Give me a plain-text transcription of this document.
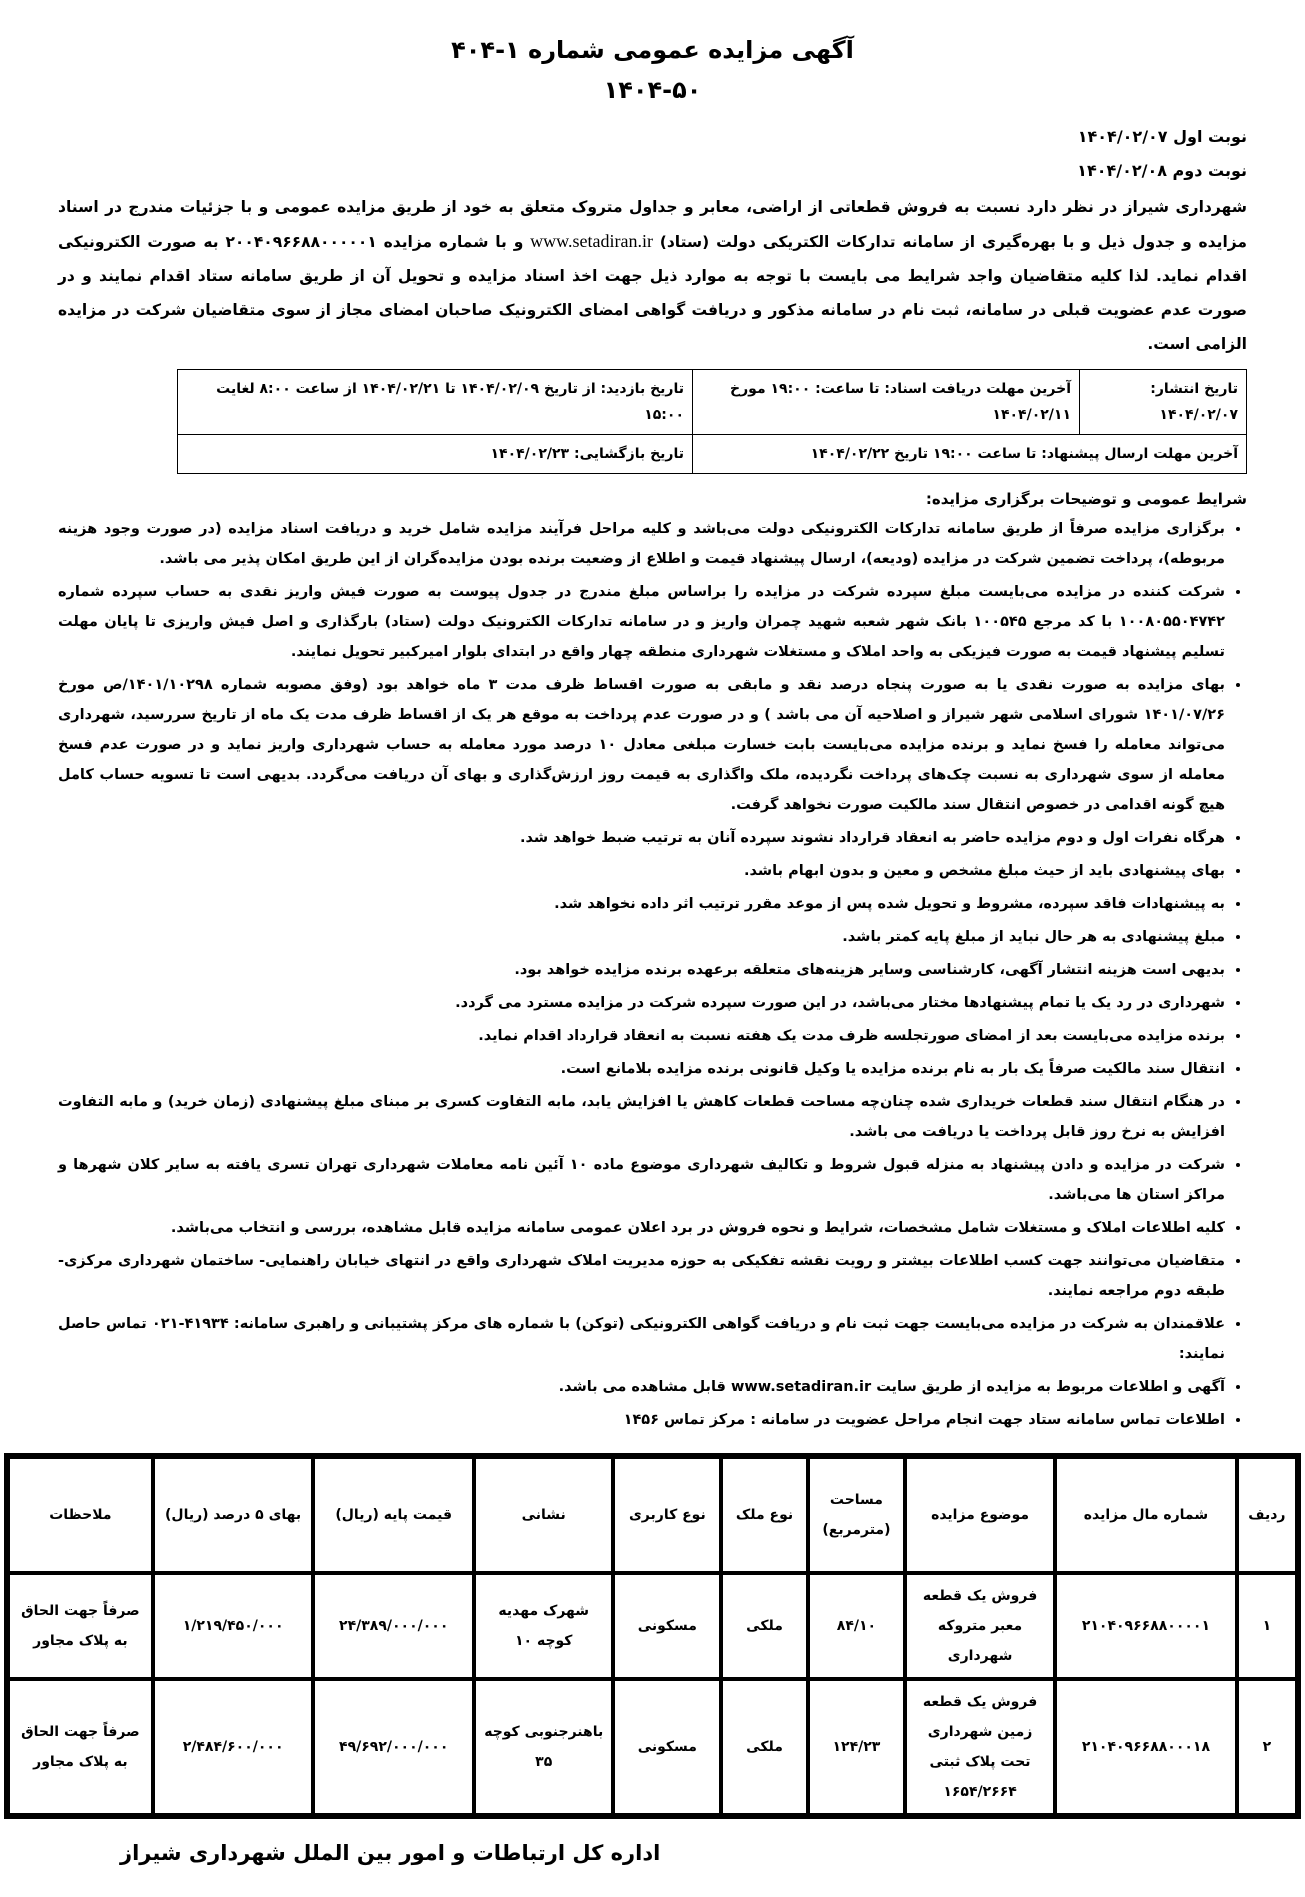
آگهی مزایده عمومی شماره ۱-۴۰۴
۱۴۰۴-۵۰
نوبت اول ۱۴۰۴/۰۲/۰۷
نوبت دوم ۱۴۰۴/۰۲/۰۸
شهرداری شیراز در نظر دارد نسبت به فروش قطعاتی از اراضی، معابر و جداول متروک متعلق به خود از طریق مزایده عمومی و با جزئیات مندرج در اسناد مزایده و جدول ذیل و با بهره‌گیری از سامانه تدارکات الکتریکی دولت (ستاد) www.setadiran.ir و با شماره مزایده ۲۰۰۴۰۹۶۶۸۸۰۰۰۰۰۱ به صورت الکترونیکی اقدام نماید. لذا کلیه متقاضیان واجد شرایط می بایست با توجه به موارد ذیل جهت اخذ اسناد مزایده و تحویل آن از طریق سامانه ستاد اقدام نمایند و در صورت عدم عضویت قبلی در سامانه، ثبت نام در سامانه مذکور و دریافت گواهی امضای الکترونیک صاحبان امضای مجاز از سوی متقاضیان شرکت در مزایده الزامی است.
تاریخ انتشار: ۱۴۰۴/۰۲/۰۷	آخرین مهلت دریافت اسناد: تا ساعت: ۱۹:۰۰ مورخ ۱۴۰۴/۰۲/۱۱	تاریخ بازدید: از تاریخ ۱۴۰۴/۰۲/۰۹ تا ۱۴۰۴/۰۲/۲۱ از ساعت ۸:۰۰ لغایت ۱۵:۰۰
آخرین مهلت ارسال پیشنهاد: تا ساعت ۱۹:۰۰ تاریخ ۱۴۰۴/۰۲/۲۲		تاریخ بازگشایی: ۱۴۰۴/۰۲/۲۳
شرایط عمومی و توضیحات برگزاری مزایده:
• برگزاری مزایده صرفاً از طریق سامانه تدارکات الکترونیکی دولت می‌باشد و کلیه مراحل فرآیند مزایده شامل خرید و دریافت اسناد مزایده (در صورت وجود هزینه مربوطه)، پرداخت تضمین شرکت در مزایده (ودیعه)، ارسال پیشنهاد قیمت و اطلاع از وضعیت برنده بودن مزایده‌گران از این طریق امکان پذیر می باشد.
• شرکت کننده در مزایده می‌بایست مبلغ سپرده شرکت در مزایده را براساس مبلغ مندرج در جدول پیوست به صورت فیش واریز نقدی به حساب سپرده شماره ۱۰۰۸۰۵۵۰۴۷۴۲ با کد مرجع ۱۰۰۵۴۵ بانک شهر شعبه شهید چمران واریز و در سامانه تدارکات الکترونیک دولت (ستاد) بارگذاری و اصل فیش واریزی تا پایان مهلت تسلیم پیشنهاد قیمت به صورت فیزیکی به واحد املاک و مستغلات شهرداری منطقه چهار واقع در ابتدای بلوار امیرکبیر تحویل نمایند.
• بهای مزایده به صورت نقدی یا به صورت پنجاه درصد نقد و مابقی به صورت اقساط ظرف مدت ۳ ماه خواهد بود (وفق مصوبه شماره ۱۴۰۱/۱۰۲۹۸/ص مورخ ۱۴۰۱/۰۷/۲۶ شورای اسلامی شهر شیراز و اصلاحیه آن می باشد ) و در صورت عدم پرداخت به موقع هر یک از اقساط ظرف مدت یک ماه از تاریخ سررسید، شهرداری می‌تواند معامله را فسخ نماید و برنده مزایده می‌بایست بابت خسارت مبلغی معادل ۱۰ درصد مورد معامله به حساب شهرداری واریز نماید و در صورت عدم فسخ معامله از سوی شهرداری به نسبت چک‌های پرداخت نگردیده، ملک واگذاری به قیمت روز ارزش‌گذاری و بهای آن دریافت می‌گردد. بدیهی است تا تسویه حساب کامل هیچ گونه اقدامی در خصوص انتقال سند مالکیت صورت نخواهد گرفت.
• هرگاه نفرات اول و دوم مزایده حاضر به انعقاد قرارداد نشوند سپرده آنان به ترتیب ضبط خواهد شد.
• بهای پیشنهادی باید از حیث مبلغ مشخص و معین و بدون ابهام باشد.
• به پیشنهادات فاقد سپرده، مشروط و تحویل شده پس از موعد مقرر ترتیب اثر داده نخواهد شد.
• مبلغ پیشنهادی به هر حال نباید از مبلغ پایه کمتر باشد.
• بدیهی است هزینه انتشار آگهی، کارشناسی وسایر هزینه‌های متعلقه برعهده برنده مزایده خواهد بود.
• شهرداری در رد یک یا تمام پیشنهادها مختار می‌باشد، در این صورت سپرده شرکت در مزایده مسترد می گردد.
• برنده مزایده می‌بایست بعد از امضای صورتجلسه ظرف مدت یک هفته نسبت به انعقاد قرارداد اقدام نماید.
• انتقال سند مالکیت صرفاً یک بار به نام برنده مزایده یا وکیل قانونی برنده مزایده بلامانع است.
• در هنگام انتقال سند قطعات خریداری شده چنان‌چه مساحت قطعات کاهش یا افزایش یابد، مابه التفاوت کسری بر مبنای مبلغ پیشنهادی (زمان خرید) و مابه التفاوت افزایش به نرخ روز قابل پرداخت یا دریافت می باشد.
• شرکت در مزایده و دادن پیشنهاد به منزله قبول شروط و تکالیف شهرداری موضوع ماده ۱۰ آئین نامه معاملات شهرداری تهران تسری یافته به سایر کلان شهرها و مراکز استان ها می‌باشد.
• کلیه اطلاعات املاک و مستغلات شامل مشخصات، شرایط و نحوه فروش در برد اعلان عمومی سامانه مزایده قابل مشاهده، بررسی و انتخاب می‌باشد.
• متقاضیان می‌توانند جهت کسب اطلاعات بیشتر و رویت نقشه تفکیکی به حوزه مدیریت املاک شهرداری واقع در انتهای خیابان راهنمایی- ساختمان شهرداری مرکزی- طبقه دوم مراجعه نمایند.
• علاقمندان به شرکت در مزایده می‌بایست جهت ثبت نام و دریافت گواهی الکترونیکی (توکن) با شماره های مرکز پشتیبانی و راهبری سامانه: ۴۱۹۳۴-۰۲۱ تماس حاصل نمایند:
• آگهی و اطلاعات مربوط به مزایده از طریق سایت www.setadiran.ir قابل مشاهده می باشد.
• اطلاعات تماس سامانه ستاد جهت انجام مراحل عضویت در سامانه : مرکز تماس ۱۴۵۶
ردیف	شماره مال مزایده	موضوع مزایده	مساحت (مترمربع)	نوع ملک	نوع کاربری	نشانی	قیمت پایه (ریال)	بهای ۵ درصد (ریال)	ملاحظات
۱	۲۱۰۴۰۹۶۶۸۸۰۰۰۰۱	فروش یک قطعه معبر متروکه شهرداری	۸۴/۱۰	ملکی	مسکونی	شهرک مهدیه کوچه ۱۰	۲۴/۳۸۹/۰۰۰/۰۰۰	۱/۲۱۹/۴۵۰/۰۰۰	صرفاً جهت الحاق به پلاک مجاور
۲	۲۱۰۴۰۹۶۶۸۸۰۰۰۱۸	فروش یک قطعه زمین شهرداری تحت پلاک ثبتی ۱۶۵۴/۲۶۶۴	۱۲۴/۲۳	ملکی	مسکونی	باهنرجنوبی کوچه ۳۵	۴۹/۶۹۲/۰۰۰/۰۰۰	۲/۴۸۴/۶۰۰/۰۰۰	صرفاً جهت الحاق به پلاک مجاور
اداره کل ارتباطات و امور بین الملل شهرداری شیراز
